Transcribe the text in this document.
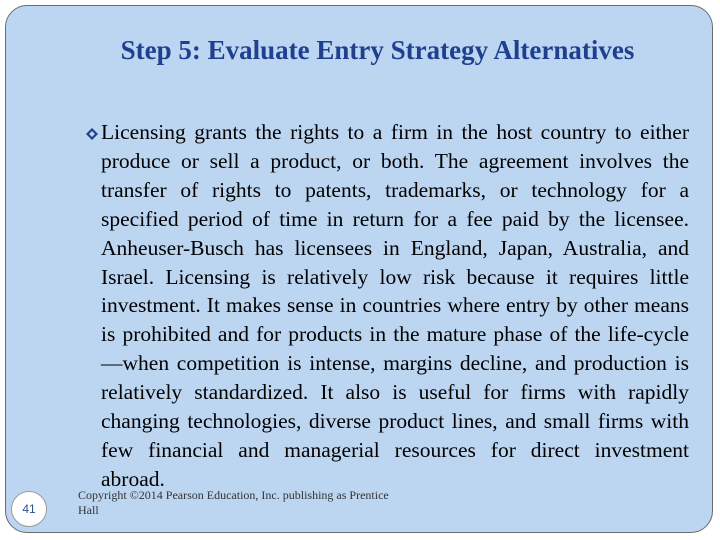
Step 5: Evaluate Entry Strategy Alternatives
Licensing grants the rights to a firm in the host country to either produce or sell a product, or both. The agreement involves the transfer of rights to patents, trademarks, or technology for a specified period of time in return for a fee paid by the licensee. Anheuser-Busch has licensees in England, Japan, Australia, and Israel. Licensing is relatively low risk because it requires little investment. It makes sense in countries where entry by other means is prohibited and for products in the mature phase of the life-cycle—when competition is intense, margins decline, and production is relatively standardized. It also is useful for firms with rapidly changing technologies, diverse product lines, and small firms with few financial and managerial resources for direct investment abroad.
41
Copyright ©2014 Pearson Education, Inc. publishing as Prentice Hall
